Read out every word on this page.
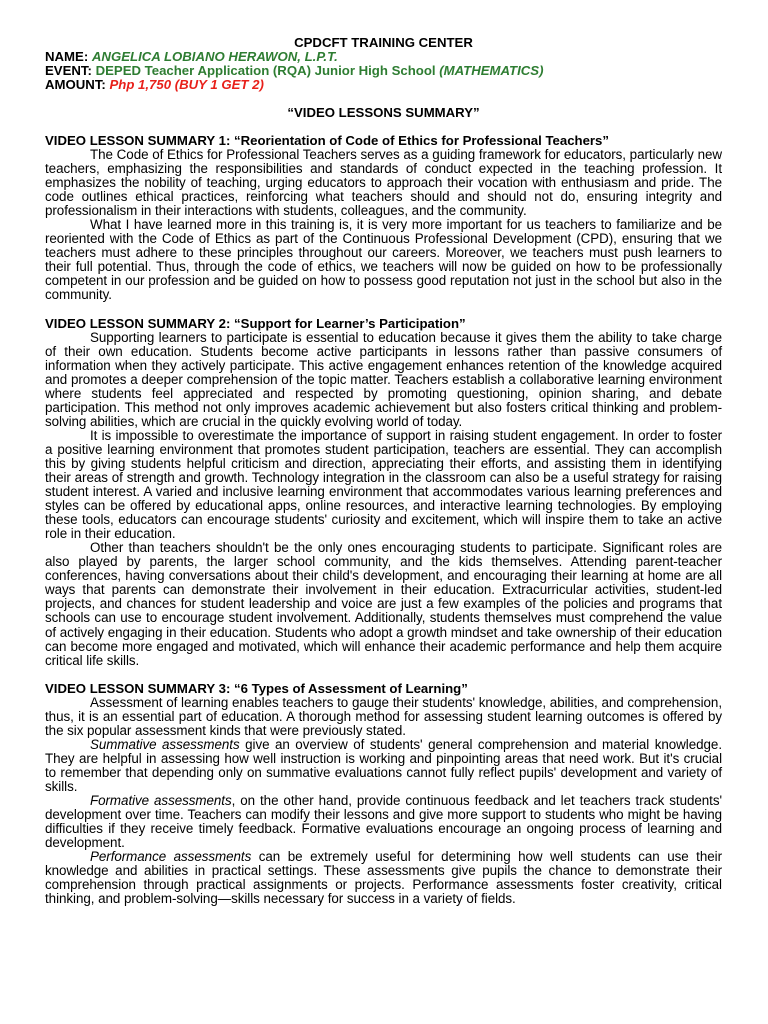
CPDCFT TRAINING CENTER
NAME: ANGELICA LOBIANO HERAWON, L.P.T.
EVENT: DEPED Teacher Application (RQA) Junior High School (MATHEMATICS)
AMOUNT: Php 1,750 (BUY 1 GET 2)
“VIDEO LESSONS SUMMARY”
VIDEO LESSON SUMMARY 1: “Reorientation of Code of Ethics for Professional Teachers”

The Code of Ethics for Professional Teachers serves as a guiding framework for educators, particularly new teachers, emphasizing the responsibilities and standards of conduct expected in the teaching profession. It emphasizes the nobility of teaching, urging educators to approach their vocation with enthusiasm and pride. The code outlines ethical practices, reinforcing what teachers should and should not do, ensuring integrity and professionalism in their interactions with students, colleagues, and the community.

What I have learned more in this training is, it is very more important for us teachers to familiarize and be reoriented with the Code of Ethics as part of the Continuous Professional Development (CPD), ensuring that we teachers must adhere to these principles throughout our careers. Moreover, we teachers must push learners to their full potential. Thus, through the code of ethics, we teachers will now be guided on how to be professionally competent in our profession and be guided on how to possess good reputation not just in the school but also in the community.

VIDEO LESSON SUMMARY 2: “Support for Learner’s Participation”

Supporting learners to participate is essential to education because it gives them the ability to take charge of their own education. Students become active participants in lessons rather than passive consumers of information when they actively participate. This active engagement enhances retention of the knowledge acquired and promotes a deeper comprehension of the topic matter. Teachers establish a collaborative learning environment where students feel appreciated and respected by promoting questioning, opinion sharing, and debate participation. This method not only improves academic achievement but also fosters critical thinking and problem-solving abilities, which are crucial in the quickly evolving world of today.

It is impossible to overestimate the importance of support in raising student engagement. In order to foster a positive learning environment that promotes student participation, teachers are essential. They can accomplish this by giving students helpful criticism and direction, appreciating their efforts, and assisting them in identifying their areas of strength and growth. Technology integration in the classroom can also be a useful strategy for raising student interest. A varied and inclusive learning environment that accommodates various learning preferences and styles can be offered by educational apps, online resources, and interactive learning technologies. By employing these tools, educators can encourage students' curiosity and excitement, which will inspire them to take an active role in their education.

Other than teachers shouldn't be the only ones encouraging students to participate. Significant roles are also played by parents, the larger school community, and the kids themselves. Attending parent-teacher conferences, having conversations about their child's development, and encouraging their learning at home are all ways that parents can demonstrate their involvement in their education. Extracurricular activities, student-led projects, and chances for student leadership and voice are just a few examples of the policies and programs that schools can use to encourage student involvement. Additionally, students themselves must comprehend the value of actively engaging in their education. Students who adopt a growth mindset and take ownership of their education can become more engaged and motivated, which will enhance their academic performance and help them acquire critical life skills.

VIDEO LESSON SUMMARY 3: “6 Types of Assessment of Learning”

Assessment of learning enables teachers to gauge their students' knowledge, abilities, and comprehension, thus, it is an essential part of education. A thorough method for assessing student learning outcomes is offered by the six popular assessment kinds that were previously stated.

Summative assessments give an overview of students' general comprehension and material knowledge. They are helpful in assessing how well instruction is working and pinpointing areas that need work. But it's crucial to remember that depending only on summative evaluations cannot fully reflect pupils' development and variety of skills.

Formative assessments, on the other hand, provide continuous feedback and let teachers track students' development over time. Teachers can modify their lessons and give more support to students who might be having difficulties if they receive timely feedback. Formative evaluations encourage an ongoing process of learning and development.

Performance assessments can be extremely useful for determining how well students can use their knowledge and abilities in practical settings. These assessments give pupils the chance to demonstrate their comprehension through practical assignments or projects. Performance assessments foster creativity, critical thinking, and problem-solving—skills necessary for success in a variety of fields.
